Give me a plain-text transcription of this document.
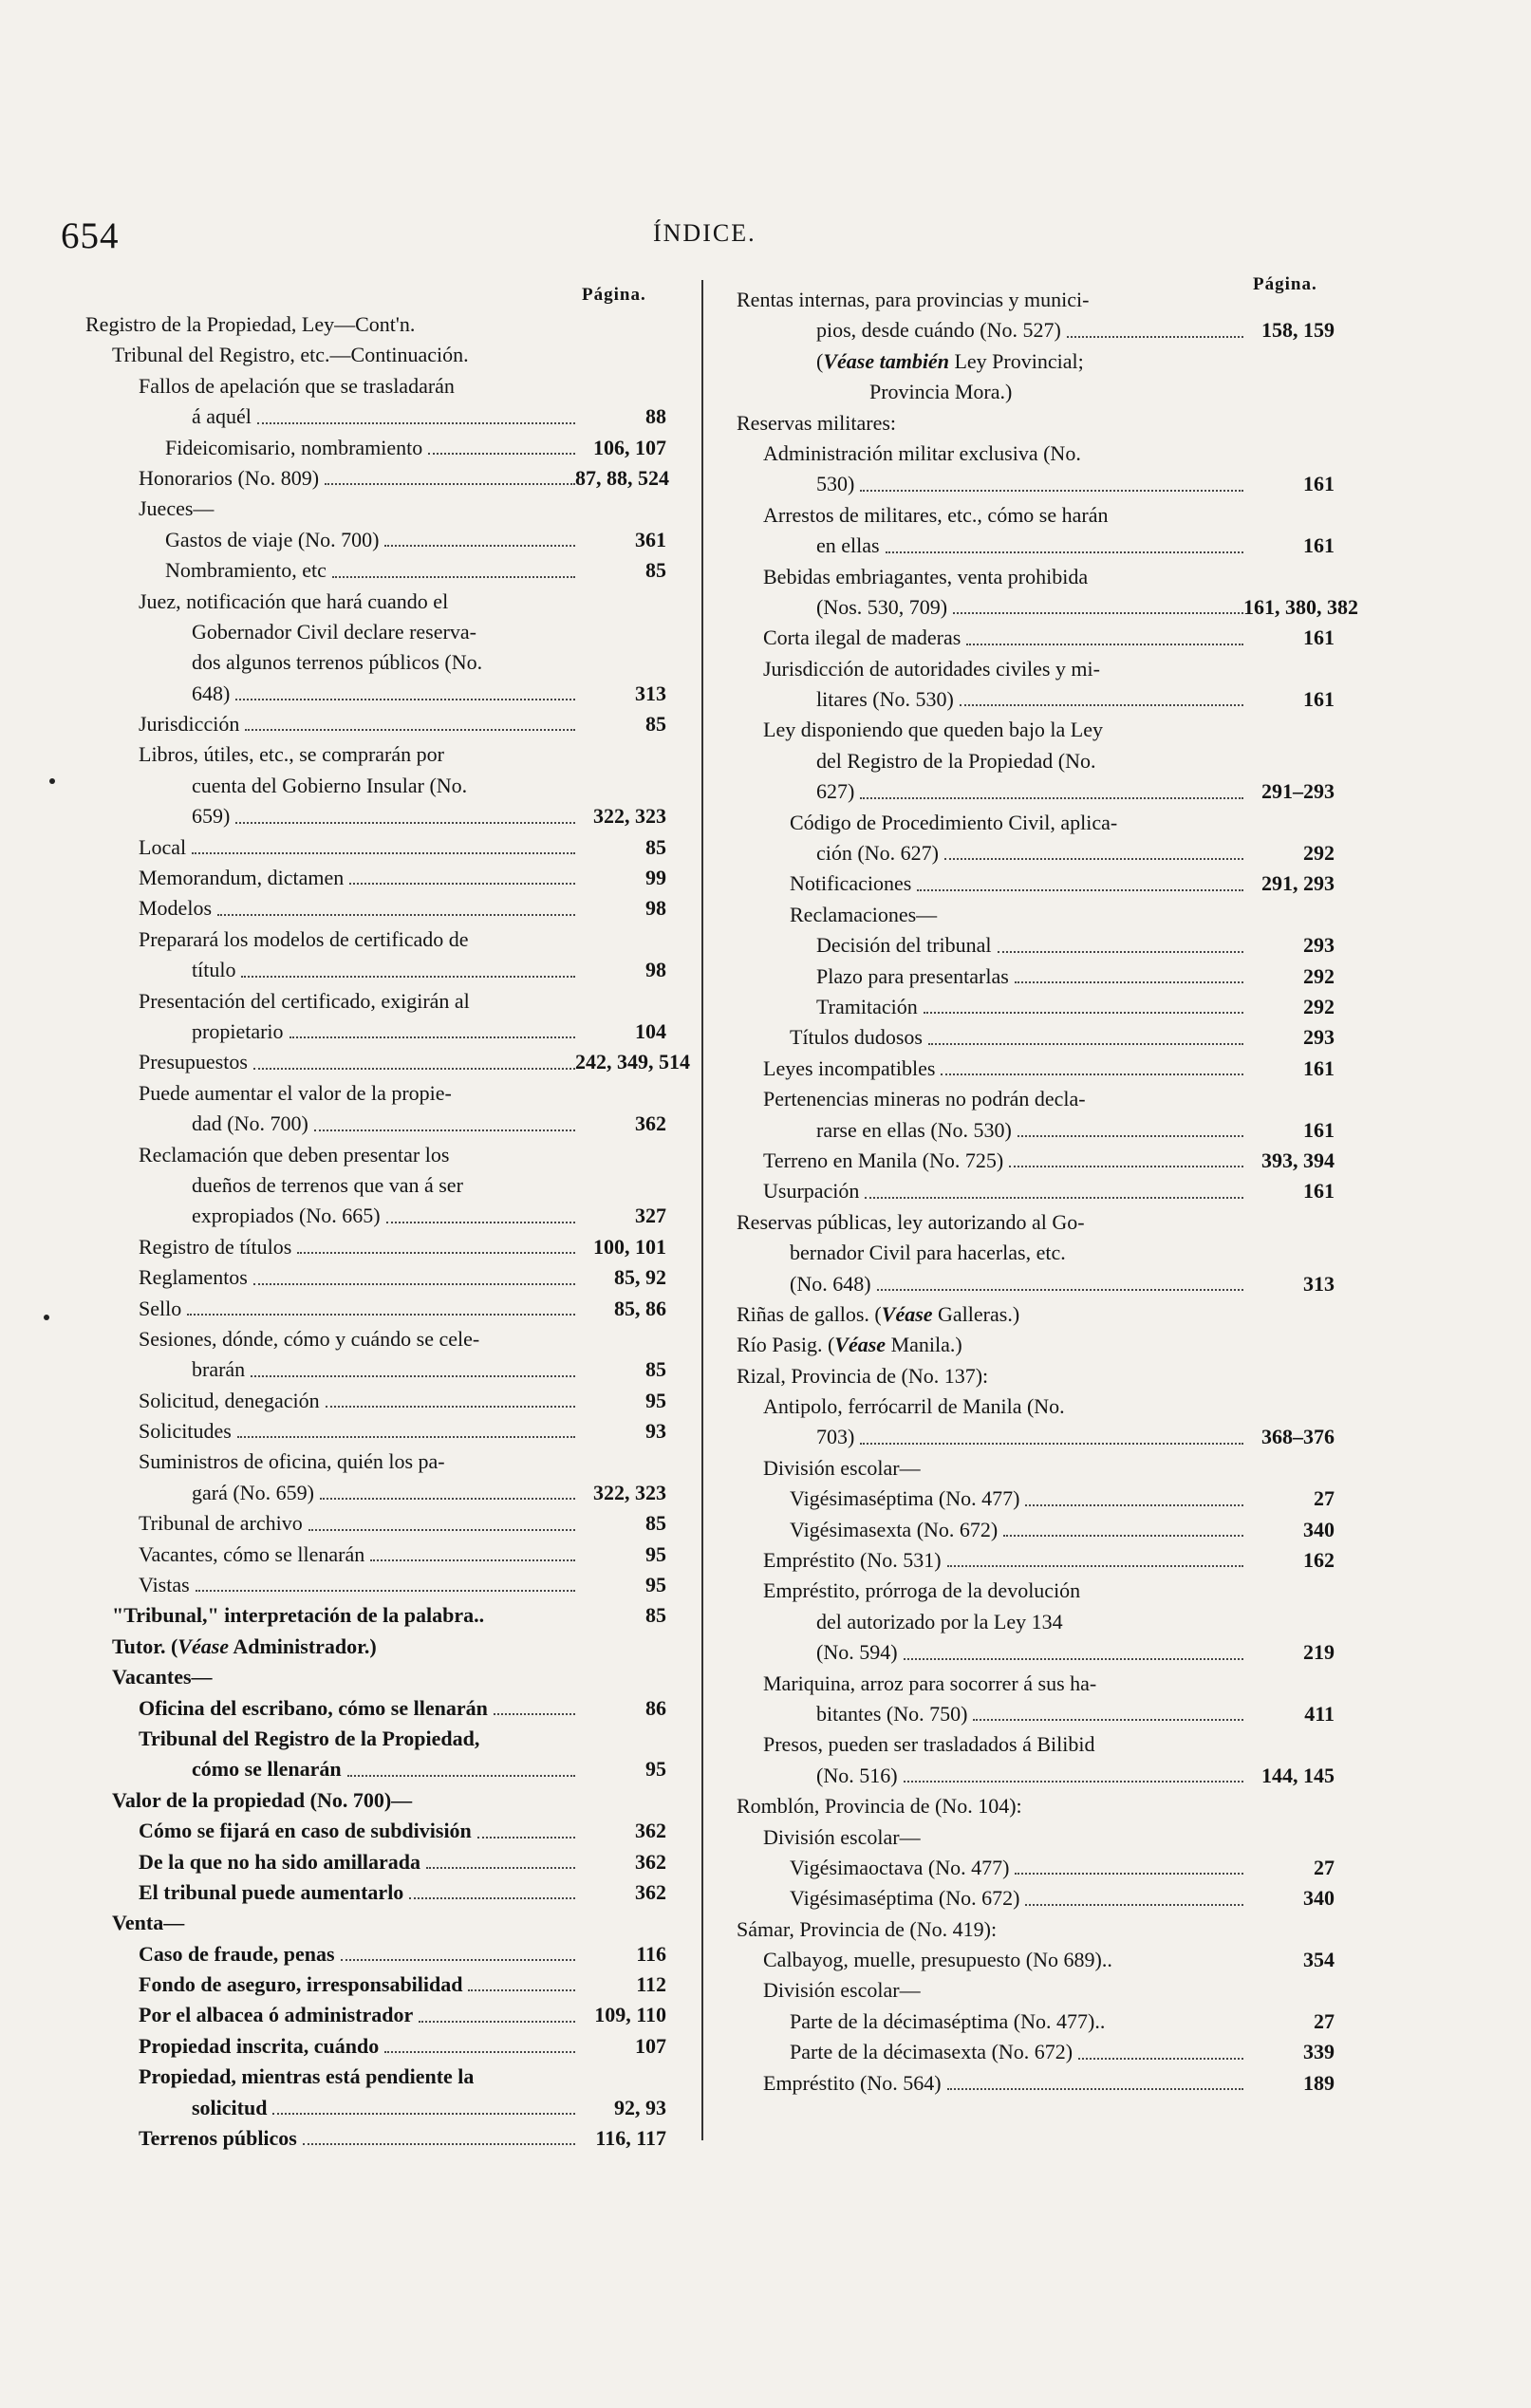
654	ÍNDICE.
Página.
Página.
Registro de la Propiedad, Ley—Cont'n.
Tribunal del Registro, etc.—Continuación.
Fallos de apelación que se trasladarán
á aquél	88
Fideicomisario, nombramiento	106, 107
Honorarios (No. 809)	87, 88, 524
Jueces—
Gastos de viaje (No. 700)	361
Nombramiento, etc	85
Juez, notificación que hará cuando el
Gobernador Civil declare reserva-
dos algunos terrenos públicos (No.
648)	313
Jurisdicción	85
Libros, útiles, etc., se comprarán por
cuenta del Gobierno Insular (No.
659)	322, 323
Local	85
Memorandum, dictamen	99
Modelos	98
Preparará los modelos de certificado de
título	98
Presentación del certificado, exigirán al
propietario	104
Presupuestos	242, 349, 514
Puede aumentar el valor de la propie-
dad (No. 700)	362
Reclamación que deben presentar los
dueños de terrenos que van á ser
expropiados (No. 665)	327
Registro de títulos	100, 101
Reglamentos	85, 92
Sello	85, 86
Sesiones, dónde, cómo y cuándo se cele-
brarán	85
Solicitud, denegación	95
Solicitudes	93
Suministros de oficina, quién los pa-
gará (No. 659)	322, 323
Tribunal de archivo	85
Vacantes, cómo se llenarán	95
Vistas	95
"Tribunal," interpretación de la palabra..	85
Tutor. (Véase Administrador.)
Vacantes—
Oficina del escribano, cómo se llenarán	86
Tribunal del Registro de la Propiedad,
cómo se llenarán	95
Valor de la propiedad (No. 700)—
Cómo se fijará en caso de subdivisión	362
De la que no ha sido amillarada	362
El tribunal puede aumentarlo	362
Venta—
Caso de fraude, penas	116
Fondo de aseguro, irresponsabilidad	112
Por el albacea ó administrador	109, 110
Propiedad inscrita, cuándo	107
Propiedad, mientras está pendiente la
solicitud	92, 93
Terrenos públicos	116, 117
Rentas internas, para provincias y munici-
pios, desde cuándo (No. 527)	158, 159
(Véase también Ley Provincial;
Provincia Mora.)
Reservas militares:
Administración militar exclusiva (No.
530)	161
Arrestos de militares, etc., cómo se harán
en ellas	161
Bebidas embriagantes, venta prohibida
(Nos. 530, 709)	161, 380, 382
Corta ilegal de maderas	161
Jurisdicción de autoridades civiles y mi-
litares (No. 530)	161
Ley disponiendo que queden bajo la Ley
del Registro de la Propiedad (No.
627)	291–293
Código de Procedimiento Civil, aplica-
ción (No. 627)	292
Notificaciones	291, 293
Reclamaciones—
Decisión del tribunal	293
Plazo para presentarlas	292
Tramitación	292
Títulos dudosos	293
Leyes incompatibles	161
Pertenencias mineras no podrán decla-
rarse en ellas (No. 530)	161
Terreno en Manila (No. 725)	393, 394
Usurpación	161
Reservas públicas, ley autorizando al Go-
bernador Civil para hacerlas, etc.
(No. 648)	313
Riñas de gallos. (Véase Galleras.)
Río Pasig. (Véase Manila.)
Rizal, Provincia de (No. 137):
Antipolo, ferrócarril de Manila (No.
703)	368–376
División escolar—
Vigésimaséptima (No. 477)	27
Vigésimasexta (No. 672)	340
Empréstito (No. 531)	162
Empréstito, prórroga de la devolución
del autorizado por la Ley 134
(No. 594)	219
Mariquina, arroz para socorrer á sus ha-
bitantes (No. 750)	411
Presos, pueden ser trasladados á Bilibid
(No. 516)	144, 145
Romblón, Provincia de (No. 104):
División escolar—
Vigésimaoctava (No. 477)	27
Vigésimaséptima (No. 672)	340
Sámar, Provincia de (No. 419):
Calbayog, muelle, presupuesto (No 689)..	354
División escolar—
Parte de la décimaséptima (No. 477)..	27
Parte de la décimasexta (No. 672)	339
Empréstito (No. 564)	189
